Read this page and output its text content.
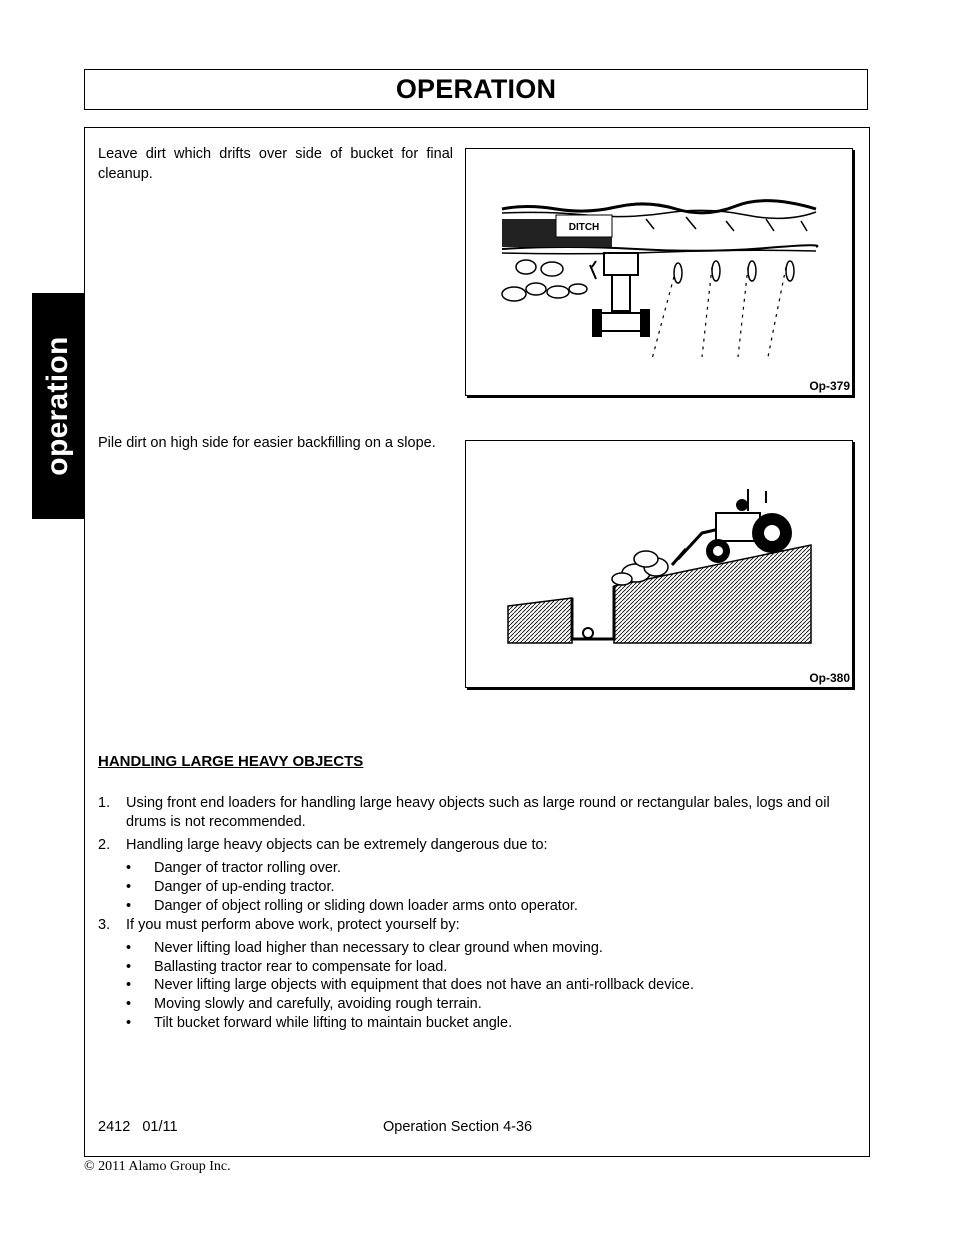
OPERATION
operation
Leave dirt which drifts over side of bucket for final cleanup.
Pile dirt on high side for easier backfilling on a slope.
DITCH
Op-379
Op-380
HANDLING LARGE HEAVY OBJECTS
1. Using front end loaders for handling large heavy objects such as large round or rectangular bales, logs and oil drums is not recommended.
2. Handling large heavy objects can be extremely dangerous due to:
• Danger of tractor rolling over.
• Danger of up-ending tractor.
• Danger of object rolling or sliding down loader arms onto operator.
3. If you must perform above work, protect yourself by:
• Never lifting load higher than necessary to clear ground when moving.
• Ballasting tractor rear to compensate for load.
• Never lifting large objects with equipment that does not have an anti-rollback device.
• Moving slowly and carefully, avoiding rough terrain.
• Tilt bucket forward while lifting to maintain bucket angle.
2412   01/11	Operation Section 4-36
© 2011 Alamo Group Inc.
